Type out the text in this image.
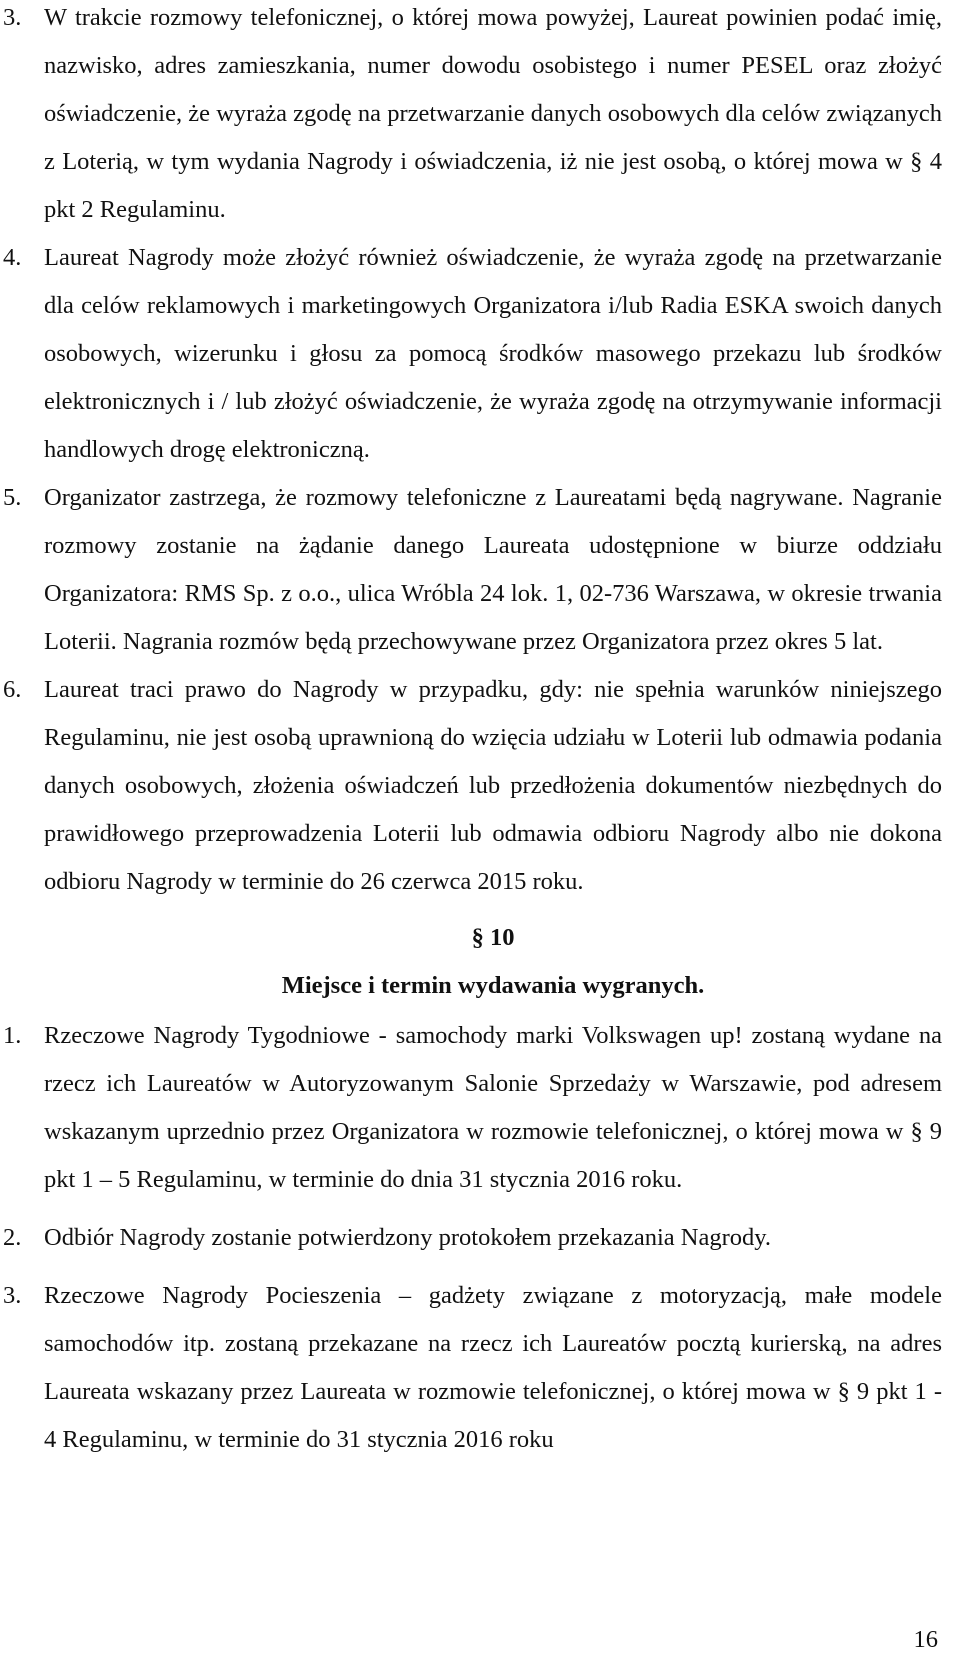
3. W trakcie rozmowy telefonicznej, o której mowa powyżej, Laureat powinien podać imię, nazwisko, adres zamieszkania, numer dowodu osobistego i numer PESEL oraz złożyć oświadczenie, że wyraża zgodę na przetwarzanie danych osobowych dla celów związanych z Loterią, w tym wydania Nagrody i oświadczenia, iż nie jest osobą, o której mowa w § 4 pkt 2 Regulaminu.
4. Laureat Nagrody może złożyć również oświadczenie, że wyraża zgodę na przetwarzanie dla celów reklamowych i marketingowych Organizatora i/lub Radia ESKA swoich danych osobowych, wizerunku i głosu za pomocą środków masowego przekazu lub środków elektronicznych i / lub złożyć oświadczenie, że wyraża zgodę na otrzymywanie informacji handlowych drogę elektroniczną.
5. Organizator zastrzega, że rozmowy telefoniczne z Laureatami będą nagrywane. Nagranie rozmowy zostanie na żądanie danego Laureata udostępnione w biurze oddziału Organizatora: RMS Sp. z o.o., ulica Wróbla 24 lok. 1, 02-736 Warszawa, w okresie trwania Loterii. Nagrania rozmów będą przechowywane przez Organizatora przez okres 5 lat.
6. Laureat traci prawo do Nagrody w przypadku, gdy: nie spełnia warunków niniejszego Regulaminu, nie jest osobą uprawnioną do wzięcia udziału w Loterii lub odmawia podania danych osobowych, złożenia oświadczeń lub przedłożenia dokumentów niezbędnych do prawidłowego przeprowadzenia Loterii lub odmawia odbioru Nagrody albo nie dokona odbioru Nagrody w terminie do 26 czerwca 2015 roku.
§ 10
Miejsce i termin wydawania wygranych.
1. Rzeczowe Nagrody Tygodniowe - samochody marki Volkswagen up! zostaną wydane na rzecz ich Laureatów w Autoryzowanym Salonie Sprzedaży w Warszawie, pod adresem wskazanym uprzednio przez Organizatora w rozmowie telefonicznej, o której mowa w § 9 pkt 1 – 5 Regulaminu, w terminie do dnia 31 stycznia 2016 roku.
2. Odbiór Nagrody zostanie potwierdzony protokołem przekazania Nagrody.
3. Rzeczowe Nagrody Pocieszenia – gadżety związane z motoryzacją, małe modele samochodów itp. zostaną przekazane na rzecz ich Laureatów pocztą kurierską, na adres Laureata wskazany przez Laureata w rozmowie telefonicznej, o której mowa w § 9 pkt 1 - 4 Regulaminu, w terminie do 31 stycznia 2016 roku
16
